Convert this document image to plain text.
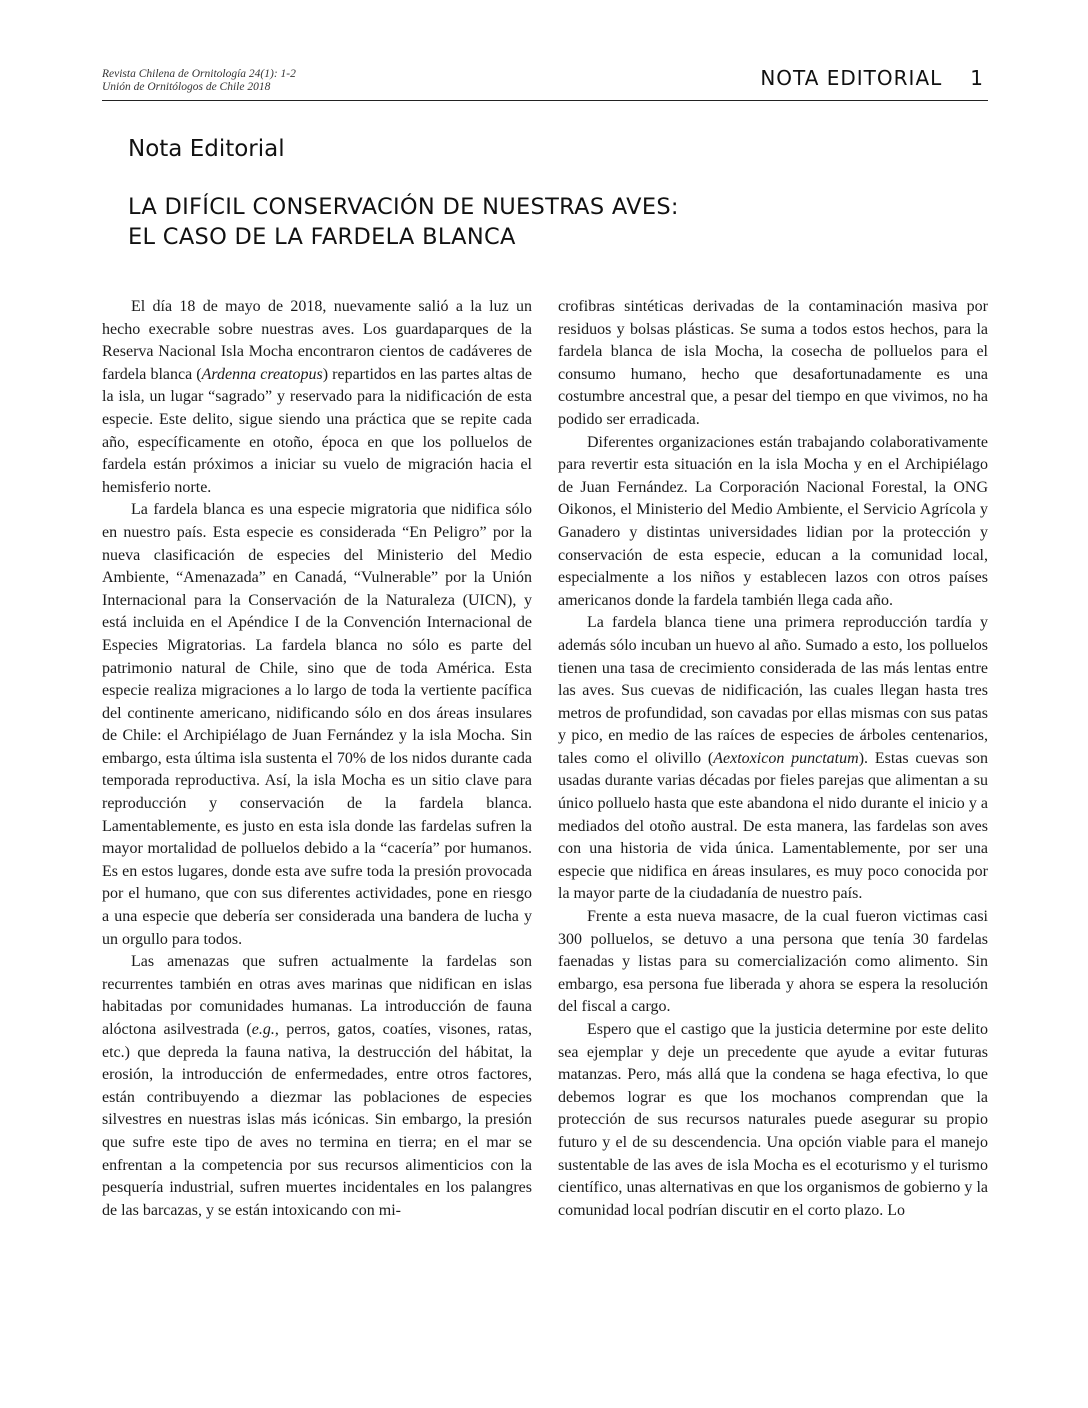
Revista Chilena de Ornitología 24(1): 1-2
Unión de Ornitólogos de Chile 2018	NOTA EDITORIAL 1
Nota Editorial
LA DIFÍCIL CONSERVACIÓN DE NUESTRAS AVES:
EL CASO DE LA FARDELA BLANCA

El día 18 de mayo de 2018, nuevamente salió a la luz un hecho execrable sobre nuestras aves. Los guardaparques de la Reserva Nacional Isla Mocha encontraron cientos de cadáveres de fardela blanca (Ardenna creatopus) repartidos en las partes altas de la isla, un lugar “sagrado” y reservado para la nidificación de esta especie. Este delito, sigue siendo una práctica que se repite cada año, específicamente en otoño, época en que los polluelos de fardela están próximos a iniciar su vuelo de migración hacia el hemisferio norte.

La fardela blanca es una especie migratoria que nidifica sólo en nuestro país. Esta especie es considerada “En Peligro” por la nueva clasificación de especies del Ministerio del Medio Ambiente, “Amenazada” en Canadá, “Vulnerable” por la Unión Internacional para la Conservación de la Naturaleza (UICN), y está incluida en el Apéndice I de la Convención Internacional de Especies Migratorias. La fardela blanca no sólo es parte del patrimonio natural de Chile, sino que de toda América. Esta especie realiza migraciones a lo largo de toda la vertiente pacífica del continente americano, nidificando sólo en dos áreas insulares de Chile: el Archipiélago de Juan Fernández y la isla Mocha. Sin embargo, esta última isla sustenta el 70% de los nidos durante cada temporada reproductiva. Así, la isla Mocha es un sitio clave para reproducción y conservación de la fardela blanca. Lamentablemente, es justo en esta isla donde las fardelas sufren la mayor mortalidad de polluelos debido a la “cacería” por humanos. Es en estos lugares, donde esta ave sufre toda la presión provocada por el humano, que con sus diferentes actividades, pone en riesgo a una especie que debería ser considerada una bandera de lucha y un orgullo para todos.

Las amenazas que sufren actualmente la fardelas son recurrentes también en otras aves marinas que nidifican en islas habitadas por comunidades humanas. La introducción de fauna alóctona asilvestrada (e.g., perros, gatos, coatíes, visones, ratas, etc.) que depreda la fauna nativa, la destrucción del hábitat, la erosión, la introducción de enfermedades, entre otros factores, están contribuyendo a diezmar las poblaciones de especies silvestres en nuestras islas más icónicas. Sin embargo, la presión que sufre este tipo de aves no termina en tierra; en el mar se enfrentan a la competencia por sus recursos alimenticios con la pesquería industrial, sufren muertes incidentales en los palangres de las barcazas, y se están intoxicando con mi-

crofibras sintéticas derivadas de la contaminación masiva por residuos y bolsas plásticas. Se suma a todos estos hechos, para la fardela blanca de isla Mocha, la cosecha de polluelos para el consumo humano, hecho que desafortunadamente es una costumbre ancestral que, a pesar del tiempo en que vivimos, no ha podido ser erradicada.

Diferentes organizaciones están trabajando colaborativamente para revertir esta situación en la isla Mocha y en el Archipiélago de Juan Fernández. La Corporación Nacional Forestal, la ONG Oikonos, el Ministerio del Medio Ambiente, el Servicio Agrícola y Ganadero y distintas universidades lidian por la protección y conservación de esta especie, educan a la comunidad local, especialmente a los niños y establecen lazos con otros países americanos donde la fardela también llega cada año.

La fardela blanca tiene una primera reproducción tardía y además sólo incuban un huevo al año. Sumado a esto, los polluelos tienen una tasa de crecimiento considerada de las más lentas entre las aves. Sus cuevas de nidificación, las cuales llegan hasta tres metros de profundidad, son cavadas por ellas mismas con sus patas y pico, en medio de las raíces de especies de árboles centenarios, tales como el olivillo (Aextoxicon punctatum). Estas cuevas son usadas durante varias décadas por fieles parejas que alimentan a su único polluelo hasta que este abandona el nido durante el inicio y a mediados del otoño austral. De esta manera, las fardelas son aves con una historia de vida única. Lamentablemente, por ser una especie que nidifica en áreas insulares, es muy poco conocida por la mayor parte de la ciudadanía de nuestro país.

Frente a esta nueva masacre, de la cual fueron victimas casi 300 polluelos, se detuvo a una persona que tenía 30 fardelas faenadas y listas para su comercialización como alimento. Sin embargo, esa persona fue liberada y ahora se espera la resolución del fiscal a cargo.

Espero que el castigo que la justicia determine por este delito sea ejemplar y deje un precedente que ayude a evitar futuras matanzas. Pero, más allá que la condena se haga efectiva, lo que debemos lograr es que los mochanos comprendan que la protección de sus recursos naturales puede asegurar su propio futuro y el de su descendencia. Una opción viable para el manejo sustentable de las aves de isla Mocha es el ecoturismo y el turismo científico, unas alternativas en que los organismos de gobierno y la comunidad local podrían discutir en el corto plazo. Lo
